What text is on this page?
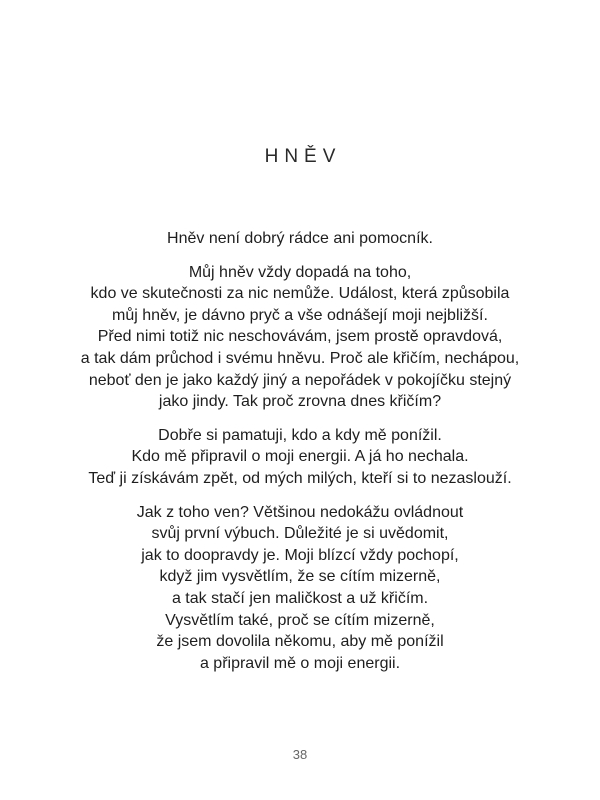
HNĚV
Hněv není dobrý rádce ani pomocník.
Můj hněv vždy dopadá na toho,
kdo ve skutečnosti za nic nemůže. Událost, která způsobila
můj hněv, je dávno pryč a vše odnášejí moji nejbližší.
Před nimi totiž nic neschovávám, jsem prostě opravdová,
a tak dám průchod i svému hněvu. Proč ale křičím, nechápou,
neboť den je jako každý jiný a nepořádek v pokojíčku stejný
jako jindy. Tak proč zrovna dnes křičím?
Dobře si pamatuji, kdo a kdy mě ponížil.
Kdo mě připravil o moji energii. A já ho nechala.
Teď ji získávám zpět, od mých milých, kteří si to nezaslouží.
Jak z toho ven? Většinou nedokážu ovládnout
svůj první výbuch. Důležité je si uvědomit,
jak to doopravdy je. Moji blízcí vždy pochopí,
když jim vysvětlím, že se cítím mizerně,
a tak stačí jen maličkost a už křičím.
Vysvětlím také, proč se cítím mizerně,
že jsem dovolila někomu, aby mě ponížil
a připravil mě o moji energii.
38
